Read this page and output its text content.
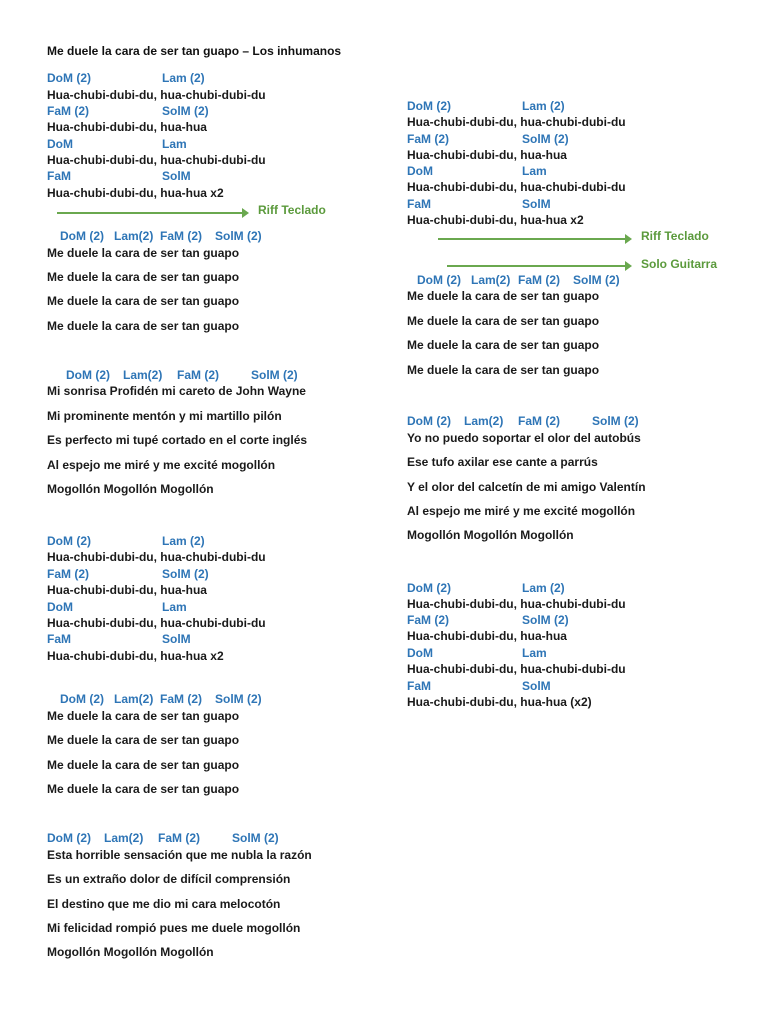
Me duele la cara de ser tan guapo – Los inhumanos
DoM (2)	Lam (2)
Hua-chubi-dubi-du, hua-chubi-dubi-du
FaM (2)	SolM (2)
Hua-chubi-dubi-du, hua-hua
DoM	Lam
Hua-chubi-dubi-du, hua-chubi-dubi-du
FaM	SolM
Hua-chubi-dubi-du, hua-hua x2
Riff Teclado
DoM (2) Lam(2) FaM (2) SolM (2)
Me duele la cara de ser tan guapo
Me duele la cara de ser tan guapo
Me duele la cara de ser tan guapo
Me duele la cara de ser tan guapo
DoM (2) Lam(2) FaM (2)	SolM (2)
Mi sonrisa Profidén mi careto de John Wayne
Mi prominente mentón y mi martillo pilón
Es perfecto mi tupé cortado en el corte inglés
Al espejo me miré y me excité mogollón
Mogollón Mogollón Mogollón
DoM (2)	Lam (2)
Hua-chubi-dubi-du, hua-chubi-dubi-du
FaM (2)	SolM (2)
Hua-chubi-dubi-du, hua-hua
DoM	Lam
Hua-chubi-dubi-du, hua-chubi-dubi-du
FaM	SolM
Hua-chubi-dubi-du, hua-hua x2
DoM (2) Lam(2) FaM (2) SolM (2)
Me duele la cara de ser tan guapo
Me duele la cara de ser tan guapo
Me duele la cara de ser tan guapo
Me duele la cara de ser tan guapo
DoM (2) Lam(2) FaM (2)	SolM (2)
Esta horrible sensación que me nubla la razón
Es un extraño dolor de difícil comprensión
El destino que me dio mi cara melocotón
Mi felicidad rompió pues me duele mogollón
Mogollón Mogollón Mogollón
DoM (2)	Lam (2)
Hua-chubi-dubi-du, hua-chubi-dubi-du
FaM (2)	SolM (2)
Hua-chubi-dubi-du, hua-hua
DoM	Lam
Hua-chubi-dubi-du, hua-chubi-dubi-du
FaM	SolM
Hua-chubi-dubi-du, hua-hua x2
Riff Teclado
Solo Guitarra
DoM (2) Lam(2) FaM (2) SolM (2)
Me duele la cara de ser tan guapo
Me duele la cara de ser tan guapo
Me duele la cara de ser tan guapo
Me duele la cara de ser tan guapo
DoM (2) Lam(2) FaM (2)	SolM (2)
Yo no puedo soportar el olor del autobús
Ese tufo axilar ese cante a parrús
Y el olor del calcetín de mi amigo Valentín
Al espejo me miré y me excité mogollón
Mogollón Mogollón Mogollón
DoM (2)	Lam (2)
Hua-chubi-dubi-du, hua-chubi-dubi-du
FaM (2)	SolM (2)
Hua-chubi-dubi-du, hua-hua
DoM	Lam
Hua-chubi-dubi-du, hua-chubi-dubi-du
FaM	SolM
Hua-chubi-dubi-du, hua-hua (x2)
